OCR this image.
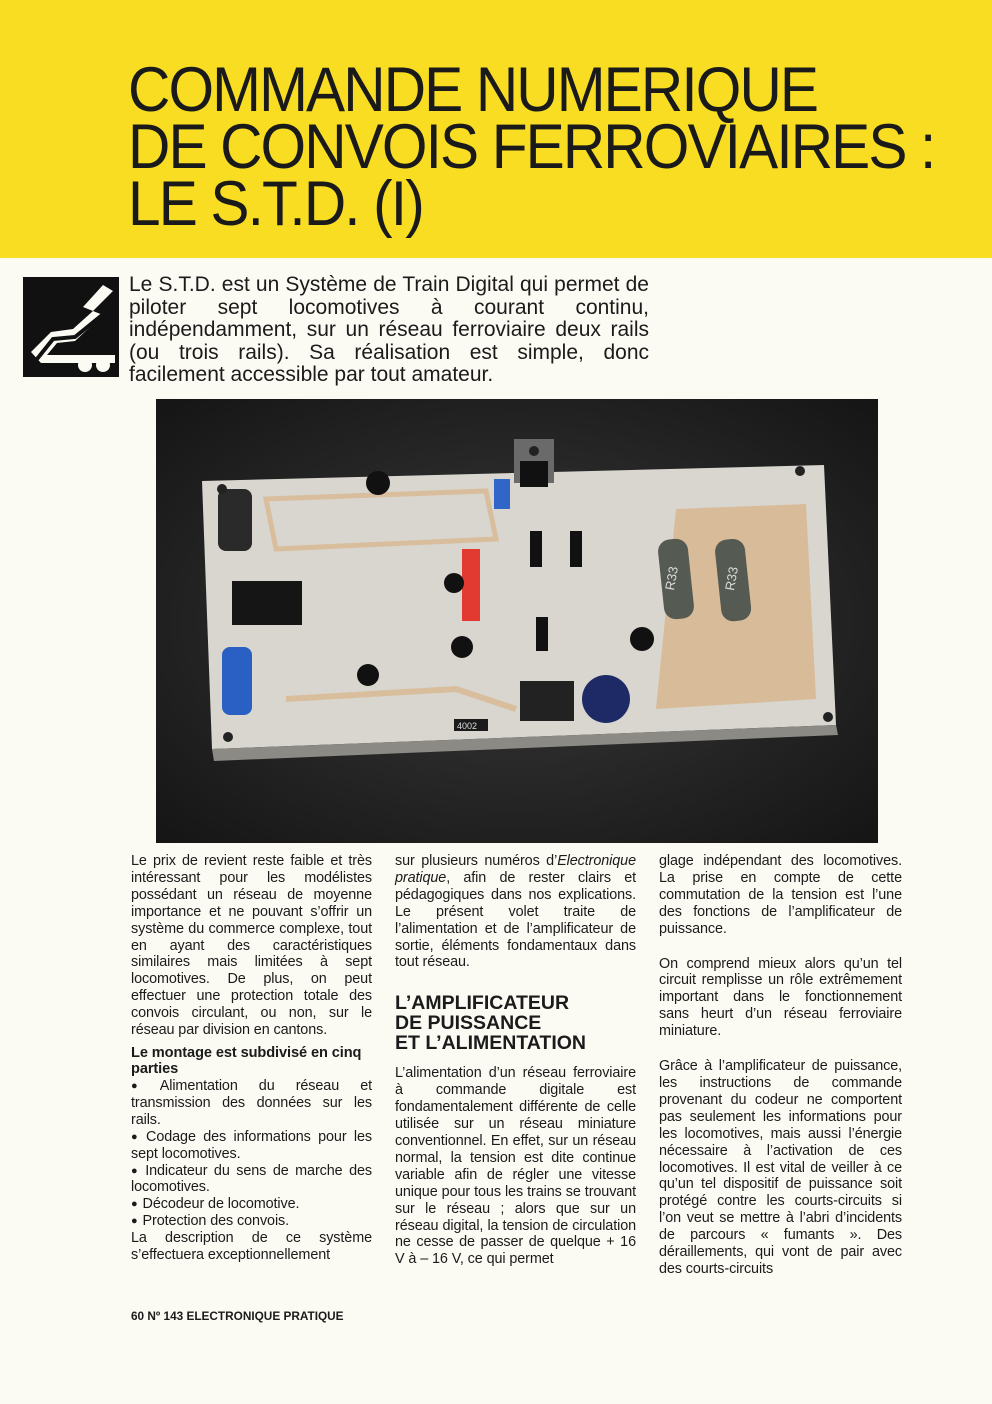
COMMANDE NUMERIQUE
DE CONVOIS FERROVIAIRES :
LE S.T.D. (I)

Le S.T.D. est un Système de Train Digital qui permet de piloter sept locomotives à courant continu, indépendamment, sur un réseau ferroviaire deux rails (ou trois rails). Sa réalisation est simple, donc facilement accessible par tout amateur.

R33	R33
4002

Le prix de revient reste faible et très intéressant pour les modélistes possédant un réseau de moyenne importance et ne pouvant s’offrir un système du commerce complexe, tout en ayant des caractéristiques similaires mais limitées à sept locomotives. De plus, on peut effectuer une protection totale des convois circulant, ou non, sur le réseau par division en cantons.

Le montage est subdivisé en cinq parties

● Alimentation du réseau et transmission des données sur les rails.

● Codage des informations pour les sept locomotives.

● Indicateur du sens de marche des locomotives.

● Décodeur de locomotive.

● Protection des convois.

La description de ce système s’effectuera exceptionnellement

sur plusieurs numéros d’Electronique pratique, afin de rester clairs et pédagogiques dans nos explications. Le présent volet traite de l’alimentation et de l’amplificateur de sortie, éléments fondamentaux dans tout réseau.

L’AMPLIFICATEUR
DE PUISSANCE
ET L’ALIMENTATION

L’alimentation d’un réseau ferroviaire à commande digitale est fondamentalement différente de celle utilisée sur un réseau miniature conventionnel. En effet, sur un réseau normal, la tension est dite continue variable afin de régler une vitesse unique pour tous les trains se trouvant sur le réseau ; alors que sur un réseau digital, la tension de circulation ne cesse de passer de quelque + 16 V à – 16 V, ce qui permet

glage indépendant des locomotives. La prise en compte de cette commutation de la tension est l’une des fonctions de l’amplificateur de puissance.

On comprend mieux alors qu’un tel circuit remplisse un rôle extrêmement important dans le fonctionnement sans heurt d’un réseau ferroviaire miniature.

Grâce à l’amplificateur de puissance, les instructions de commande provenant du codeur ne comportent pas seulement les informations pour les locomotives, mais aussi l’énergie nécessaire à l’activation de ces locomotives. Il est vital de veiller à ce qu’un tel dispositif de puissance soit protégé contre les courts-circuits si l’on veut se mettre à l’abri d’incidents de parcours « fumants ». Des déraillements, qui vont de pair avec des courts-circuits

60 Nº 143 ELECTRONIQUE PRATIQUE
